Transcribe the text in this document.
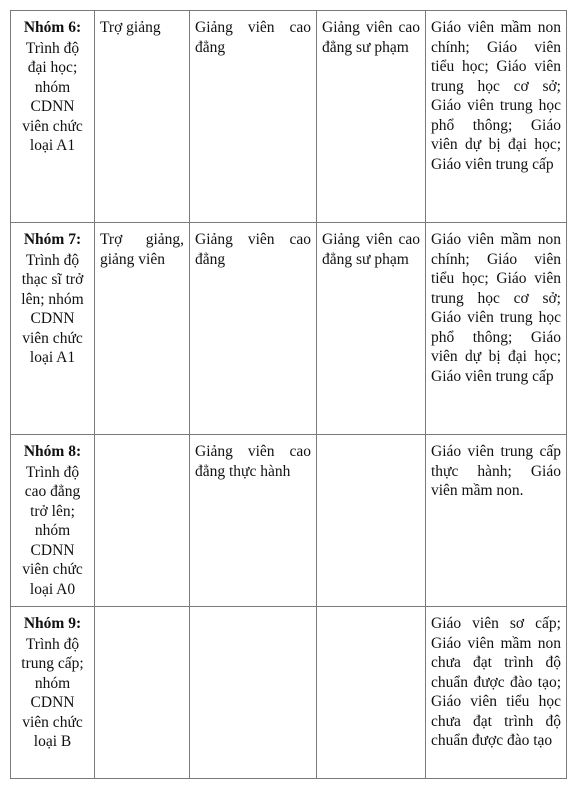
Nhóm 6:
Trình độ đại học; nhóm CDNN viên chức loại A1	Trợ giảng	Giảng viên cao đẳng	Giảng viên cao đẳng sư phạm	Giáo viên mầm non chính; Giáo viên tiểu học; Giáo viên trung học cơ sở; Giáo viên trung học phổ thông; Giáo viên dự bị đại học; Giáo viên trung cấp

Nhóm 7:
Trình độ thạc sĩ trở lên; nhóm CDNN viên chức loại A1	Trợ giảng, giảng viên	Giảng viên cao đẳng	Giảng viên cao đẳng sư phạm	Giáo viên mầm non chính; Giáo viên tiểu học; Giáo viên trung học cơ sở; Giáo viên trung học phổ thông; Giáo viên dự bị đại học; Giáo viên trung cấp

Nhóm 8:
Trình độ cao đẳng trở lên; nhóm CDNN viên chức loại A0		Giảng viên cao đẳng thực hành		Giáo viên trung cấp thực hành; Giáo viên mầm non.

Nhóm 9:
Trình độ trung cấp; nhóm CDNN viên chức loại B				Giáo viên sơ cấp; Giáo viên mầm non chưa đạt trình độ chuẩn được đào tạo; Giáo viên tiểu học chưa đạt trình độ chuẩn được đào tạo
